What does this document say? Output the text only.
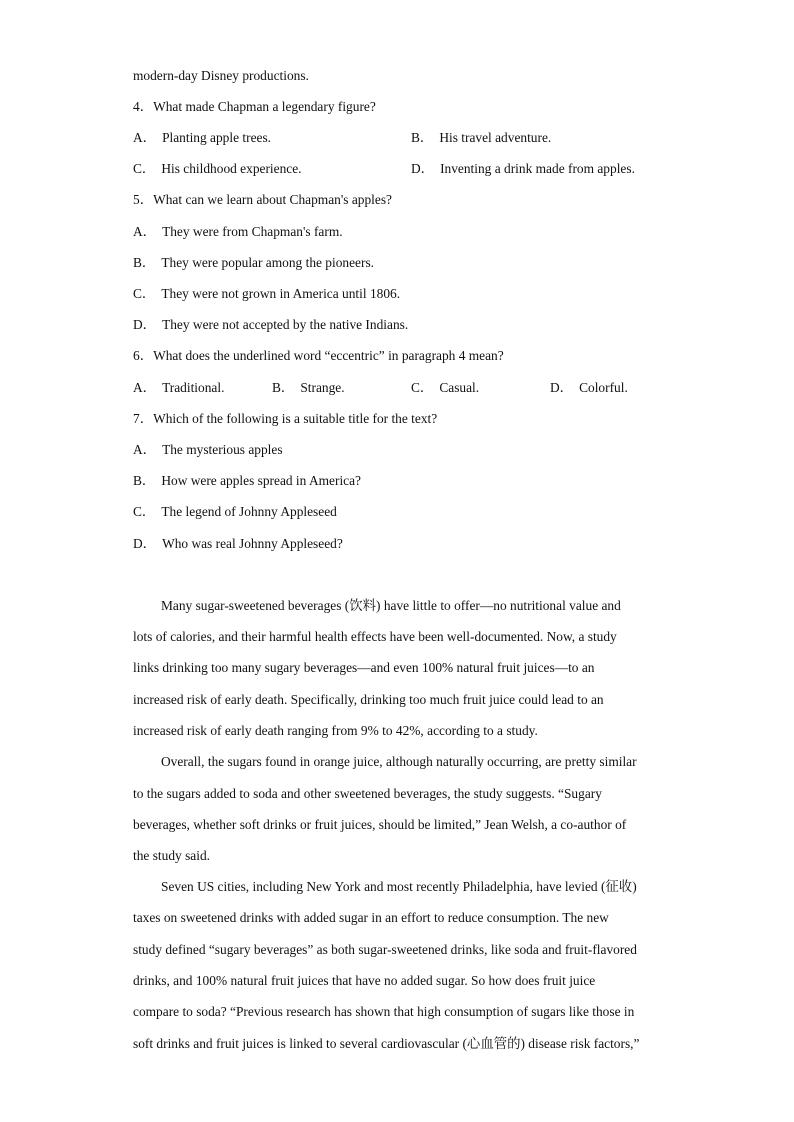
modern-day Disney productions.
4．What made Chapman a legendary figure?
A． Planting apple trees.	B． His travel adventure.
C． His childhood experience.	D． Inventing a drink made from apples.
5．What can we learn about Chapman's apples?
A． They were from Chapman's farm.
B． They were popular among the pioneers.
C． They were not grown in America until 1806.
D． They were not accepted by the native Indians.
6．What does the underlined word “eccentric” in paragraph 4 mean?
A． Traditional.	B． Strange.	C． Casual.	D． Colorful.
7．Which of the following is a suitable title for the text?
A． The mysterious apples
B． How were apples spread in America?
C． The legend of Johnny Appleseed
D． Who was real Johnny Appleseed?
Many sugar-sweetened beverages (饮料) have little to offer—no nutritional value and
lots of calories, and their harmful health effects have been well-documented. Now, a study
links drinking too many sugary beverages—and even 100% natural fruit juices—to an
increased risk of early death. Specifically, drinking too much fruit juice could lead to an
increased risk of early death ranging from 9% to 42%, according to a study.
Overall, the sugars found in orange juice, although naturally occurring, are pretty similar
to the sugars added to soda and other sweetened beverages, the study suggests. “Sugary
beverages, whether soft drinks or fruit juices, should be limited,” Jean Welsh, a co-author of
the study said.
Seven US cities, including New York and most recently Philadelphia, have levied (征收)
taxes on sweetened drinks with added sugar in an effort to reduce consumption. The new
study defined “sugary beverages” as both sugar-sweetened drinks, like soda and fruit-flavored
drinks, and 100% natural fruit juices that have no added sugar. So how does fruit juice
compare to soda? “Previous research has shown that high consumption of sugars like those in
soft drinks and fruit juices is linked to several cardiovascular (心血管的) disease risk factors,”
